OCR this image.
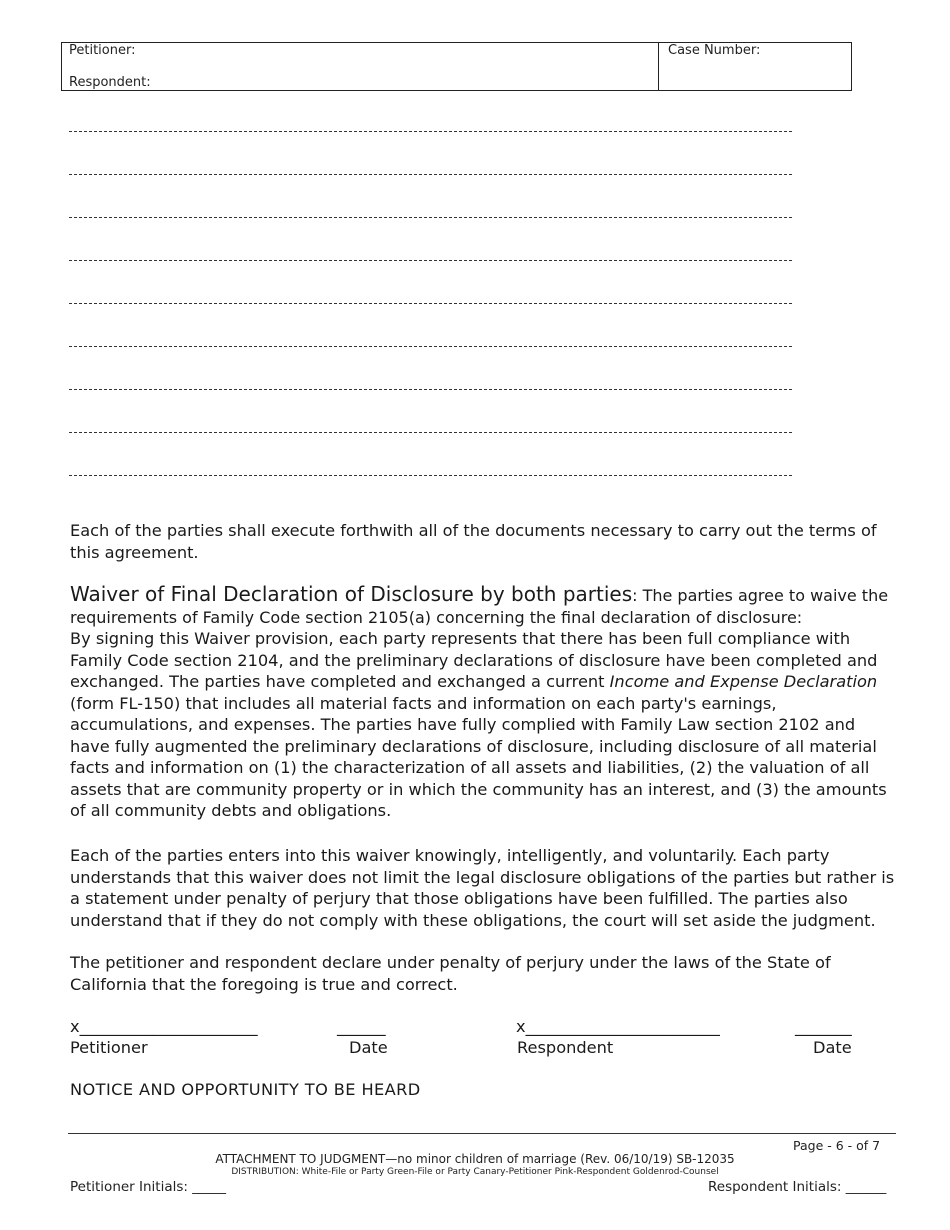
Petitioner:
Respondent:
Case Number:

Each of the parties shall execute forthwith all of the documents necessary to carry out the terms of this agreement.

Waiver of Final Declaration of Disclosure by both parties: The parties agree to waive the requirements of Family Code section 2105(a) concerning the final declaration of disclosure:

By signing this Waiver provision, each party represents that there has been full compliance with Family Code section 2104, and the preliminary declarations of disclosure have been completed and exchanged. The parties have completed and exchanged a current Income and Expense Declaration (form FL-150) that includes all material facts and information on each party's earnings, accumulations, and expenses. The parties have fully complied with Family Law section 2102 and have fully augmented the preliminary declarations of disclosure, including disclosure of all material facts and information on (1) the characterization of all assets and liabilities, (2) the valuation of all assets that are community property or in which the community has an interest, and (3) the amounts of all community debts and obligations.

Each of the parties enters into this waiver knowingly, intelligently, and voluntarily. Each party understands that this waiver does not limit the legal disclosure obligations of the parties but rather is a statement under penalty of perjury that those obligations have been fulfilled. The parties also understand that if they do not comply with these obligations, the court will set aside the judgment.

The petitioner and respondent declare under penalty of perjury under the laws of the State of California that the foregoing is true and correct.

x______________________	______	x________________________	_______
Petitioner	Date	Respondent	Date
NOTICE AND OPPORTUNITY TO BE HEARD
Page - 6 - of 7
ATTACHMENT TO JUDGMENT—no minor children of marriage (Rev. 06/10/19) SB-12035
DISTRIBUTION: White-File or Party Green-File or Party Canary-Petitioner Pink-Respondent Goldenrod-Counsel
Petitioner Initials: _____	Respondent Initials: ______
